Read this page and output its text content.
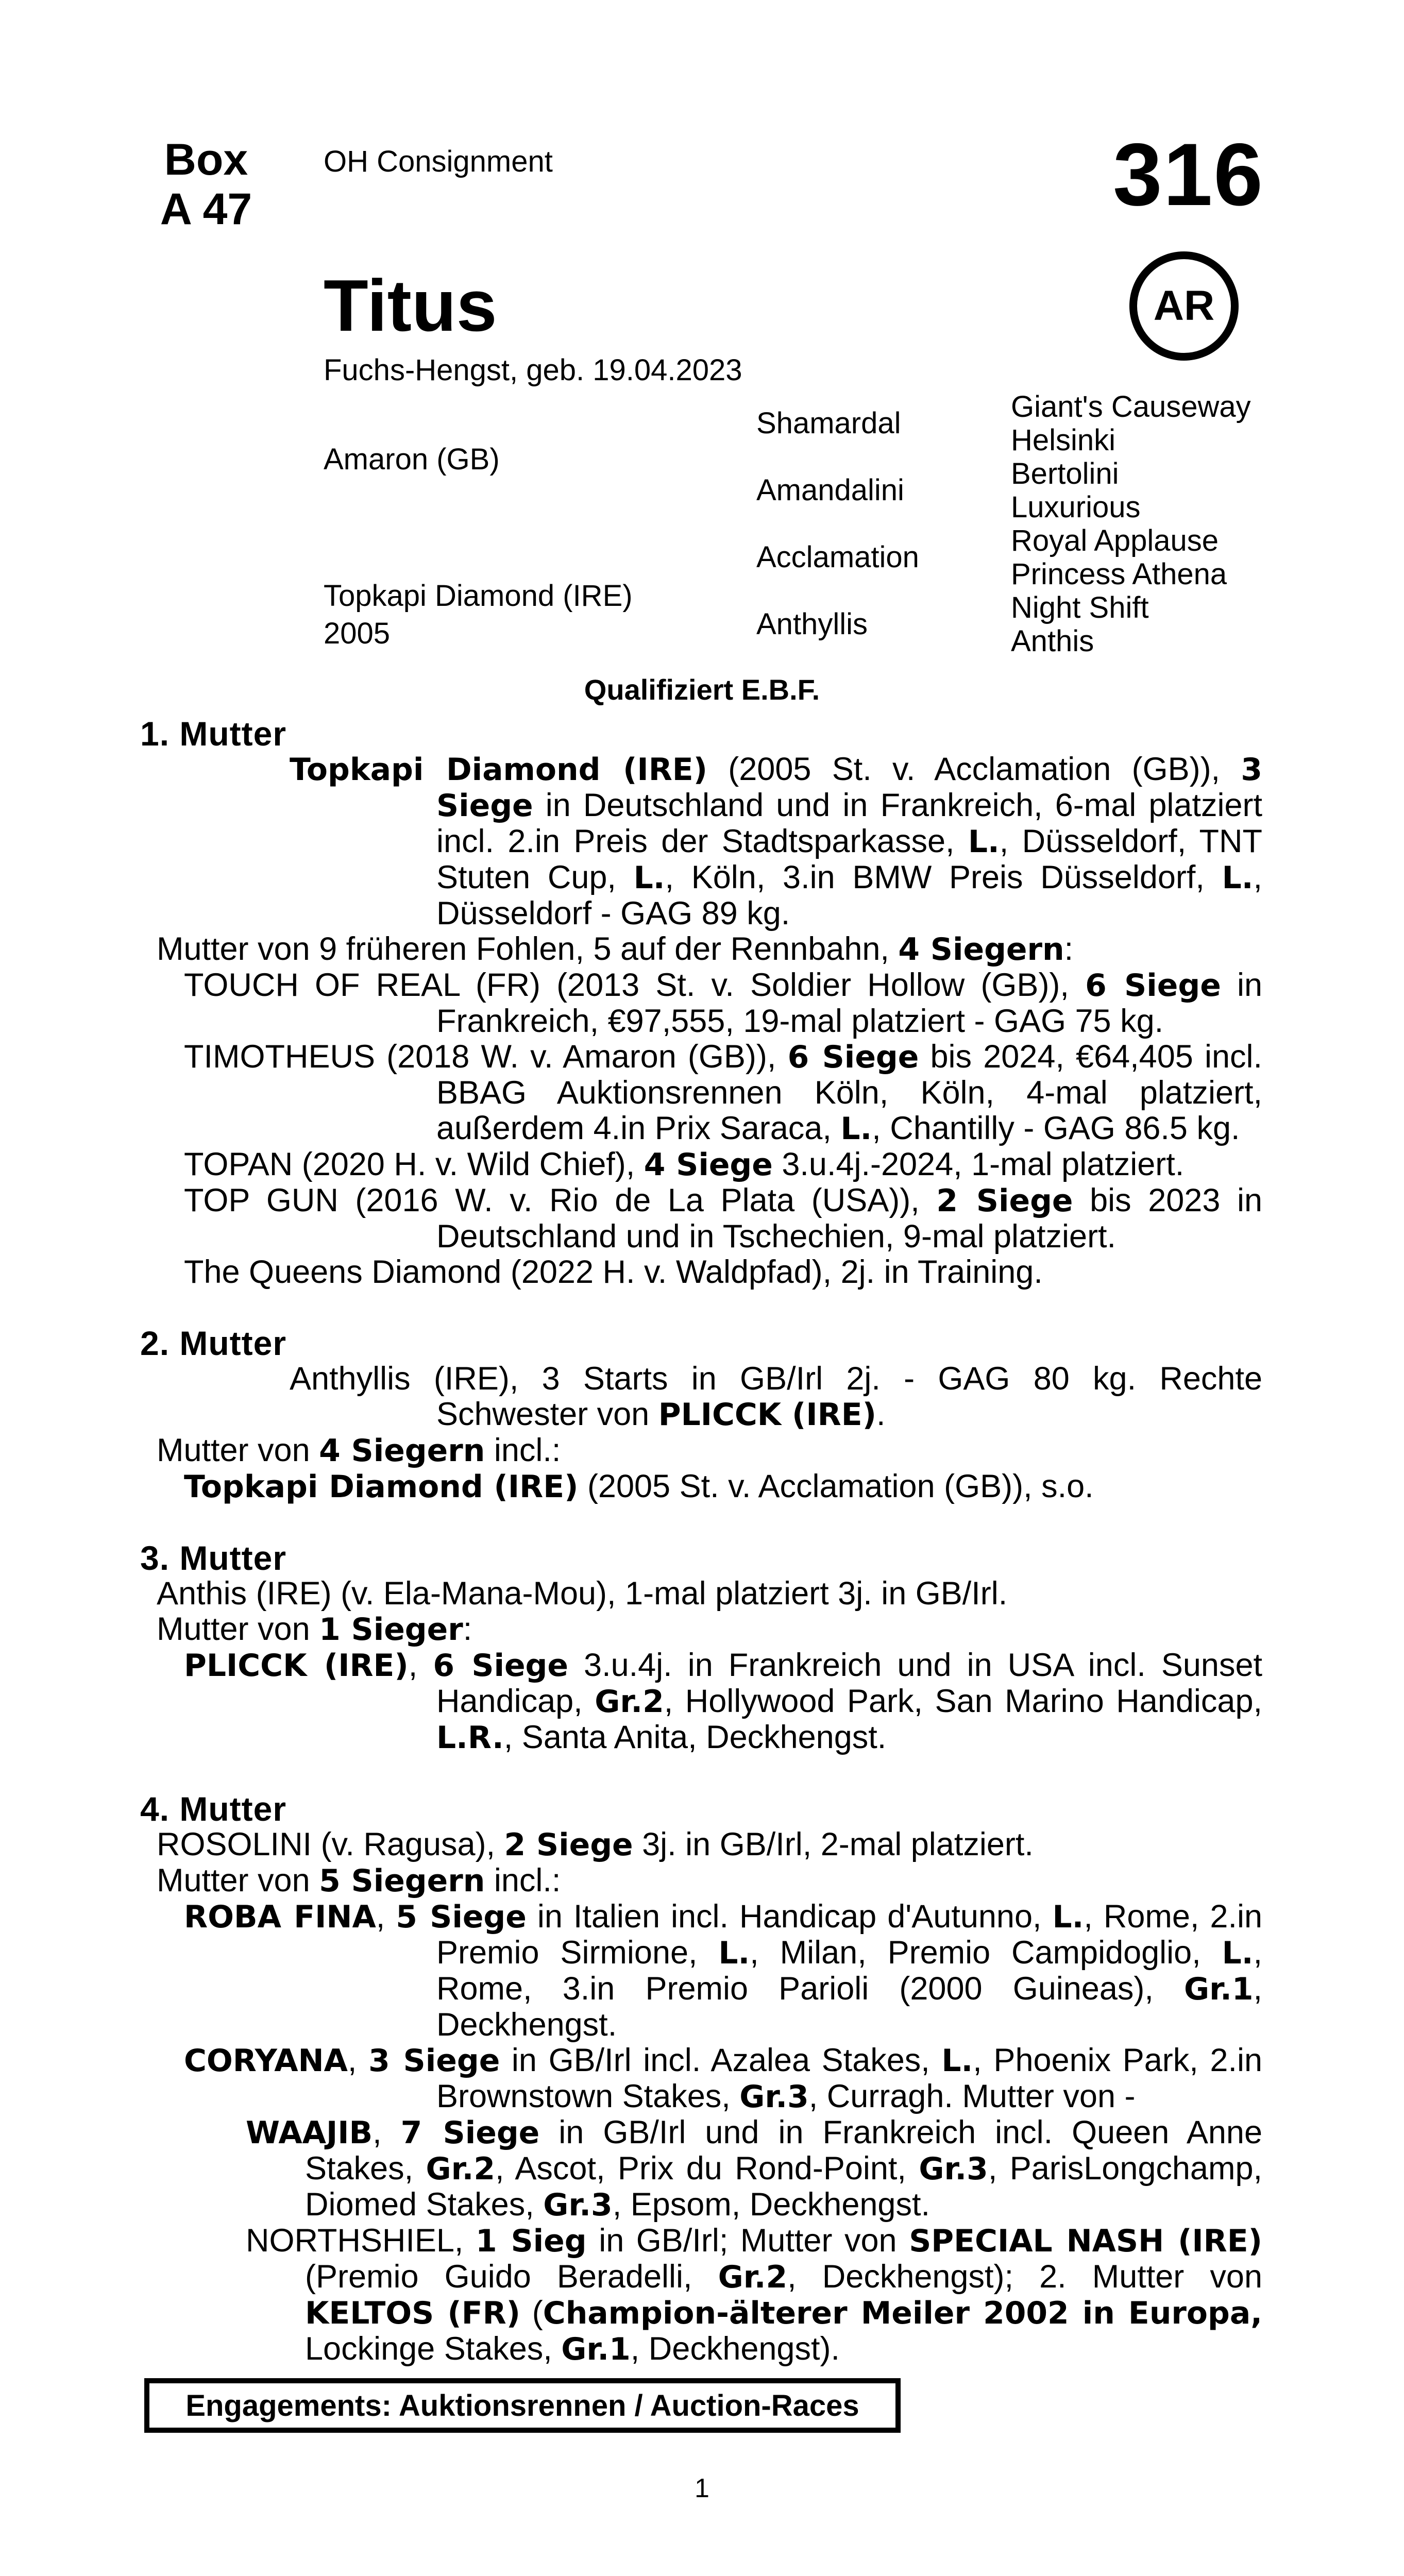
Box
A 47
OH Consignment	316
AR
Titus
Fuchs-Hengst, geb. 19.04.2023
Amaron (GB)
Topkapi Diamond (IRE)
2005
Shamardal
Amandalini
Acclamation
Anthyllis
Giant's Causeway
Helsinki
Bertolini
Luxurious
Royal Applause
Princess Athena
Night Shift
Anthis
Qualifiziert E.B.F.

1. Mutter

Topkapi Diamond (IRE) (2005 St. v. Acclamation (GB)), 3 Siege in Deutschland und in Frankreich, 6-mal platziert incl. 2.in Preis der Stadtsparkasse, L., Düsseldorf, TNT Stuten Cup, L., Köln, 3.in BMW Preis Düsseldorf, L., Düsseldorf - GAG 89 kg.

Mutter von 9 früheren Fohlen, 5 auf der Rennbahn, 4 Siegern:

TOUCH OF REAL (FR) (2013 St. v. Soldier Hollow (GB)), 6 Siege in Frankreich, €97,555, 19-mal platziert - GAG 75 kg.

TIMOTHEUS (2018 W. v. Amaron (GB)), 6 Siege bis 2024, €64,405 incl. BBAG Auktionsrennen Köln, Köln, 4-mal platziert, außerdem 4.in Prix Saraca, L., Chantilly - GAG 86.5 kg.

TOPAN (2020 H. v. Wild Chief), 4 Siege 3.u.4j.-2024, 1-mal platziert.

TOP GUN (2016 W. v. Rio de La Plata (USA)), 2 Siege bis 2023 in Deutschland und in Tschechien, 9-mal platziert.

The Queens Diamond (2022 H. v. Waldpfad), 2j. in Training.

2. Mutter

Anthyllis (IRE), 3 Starts in GB/Irl 2j. - GAG 80 kg. Rechte Schwester von PLICCK (IRE).

Mutter von 4 Siegern incl.:

Topkapi Diamond (IRE) (2005 St. v. Acclamation (GB)), s.o.

3. Mutter

Anthis (IRE) (v. Ela-Mana-Mou), 1-mal platziert 3j. in GB/Irl.

Mutter von 1 Sieger:

PLICCK (IRE), 6 Siege 3.u.4j. in Frankreich und in USA incl. Sunset Handicap, Gr.2, Hollywood Park, San Marino Handicap, L.R., Santa Anita, Deckhengst.

4. Mutter

ROSOLINI (v. Ragusa), 2 Siege 3j. in GB/Irl, 2-mal platziert.

Mutter von 5 Siegern incl.:

ROBA FINA, 5 Siege in Italien incl. Handicap d'Autunno, L., Rome, 2.in Premio Sirmione, L., Milan, Premio Campidoglio, L., Rome, 3.in Premio Parioli (2000 Guineas), Gr.1, Deckhengst.

CORYANA, 3 Siege in GB/Irl incl. Azalea Stakes, L., Phoenix Park, 2.in Brownstown Stakes, Gr.3, Curragh. Mutter von -

WAAJIB, 7 Siege in GB/Irl und in Frankreich incl. Queen Anne Stakes, Gr.2, Ascot, Prix du Rond-Point, Gr.3, ParisLongchamp, Diomed Stakes, Gr.3, Epsom, Deckhengst.

NORTHSHIEL, 1 Sieg in GB/Irl; Mutter von SPECIAL NASH (IRE) (Premio Guido Beradelli, Gr.2, Deckhengst); 2. Mutter von KELTOS (FR) (Champion-älterer Meiler 2002 in Europa, Lockinge Stakes, Gr.1, Deckhengst).

Engagements: Auktionsrennen / Auction-Races
1
